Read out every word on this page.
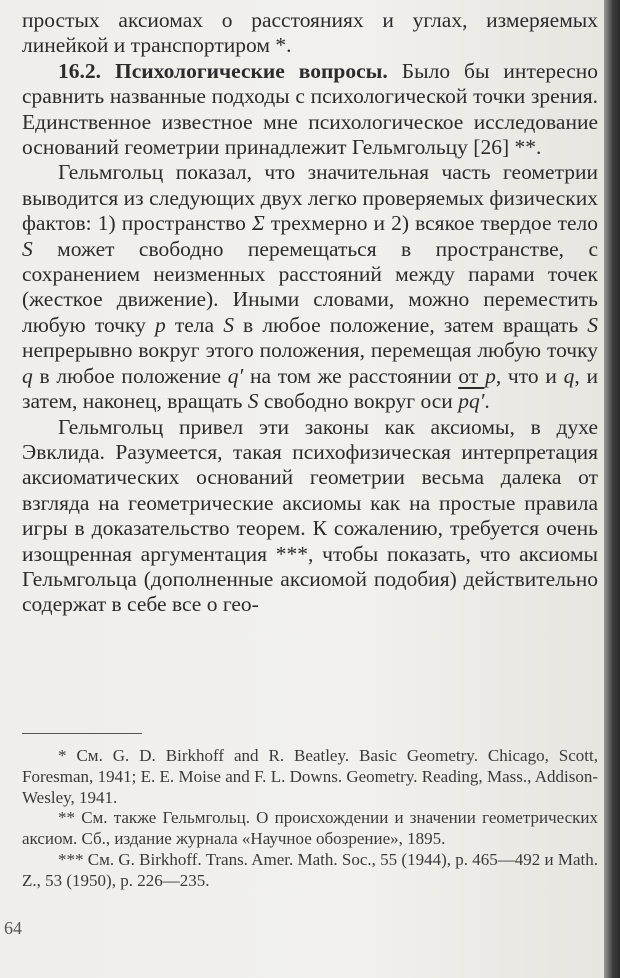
простых аксиомах о расстояниях и углах, измеряемых линейкой и транспортиром *.

16.2. Психологические вопросы. Было бы интересно сравнить названные подходы с психологической точки зрения. Единственное известное мне психологическое исследование оснований геометрии принадлежит Гельмгольцу [26] **.

Гельмгольц показал, что значительная часть геометрии выводится из следующих двух легко проверяемых физических фактов: 1) пространство Σ трехмерно и 2) всякое твердое тело S может свободно перемещаться в пространстве, с сохранением неизменных расстояний между парами точек (жесткое движение). Иными словами, можно переместить любую точку p тела S в любое положение, затем вращать S непрерывно вокруг этого положения, перемещая любую точку q в любое положение q′ на том же расстоянии от p, что и q, и затем, наконец, вращать S свободно вокруг оси pq′.

Гельмгольц привел эти законы как аксиомы, в духе Эвклида. Разумеется, такая психофизическая интерпретация аксиоматических оснований геометрии весьма далека от взгляда на геометрические аксиомы как на простые правила игры в доказательство теорем. К сожалению, требуется очень изощренная аргументация ***, чтобы показать, что аксиомы Гельмгольца (дополненные аксиомой подобия) действительно содержат в себе все о гео-

* См. G. D. Birkhoff and R. Beatley. Basic Geometry. Chicago, Scott, Foresman, 1941; E. E. Moise and F. L. Downs. Geometry. Reading, Mass., Addison-Wesley, 1941.

** См. также Гельмгольц. О происхождении и значении геометрических аксиом. Сб., издание журнала «Научное обозрение», 1895.

*** См. G. Birkhoff. Trans. Amer. Math. Soc., 55 (1944), p. 465—492 и Math. Z., 53 (1950), p. 226—235.

64
